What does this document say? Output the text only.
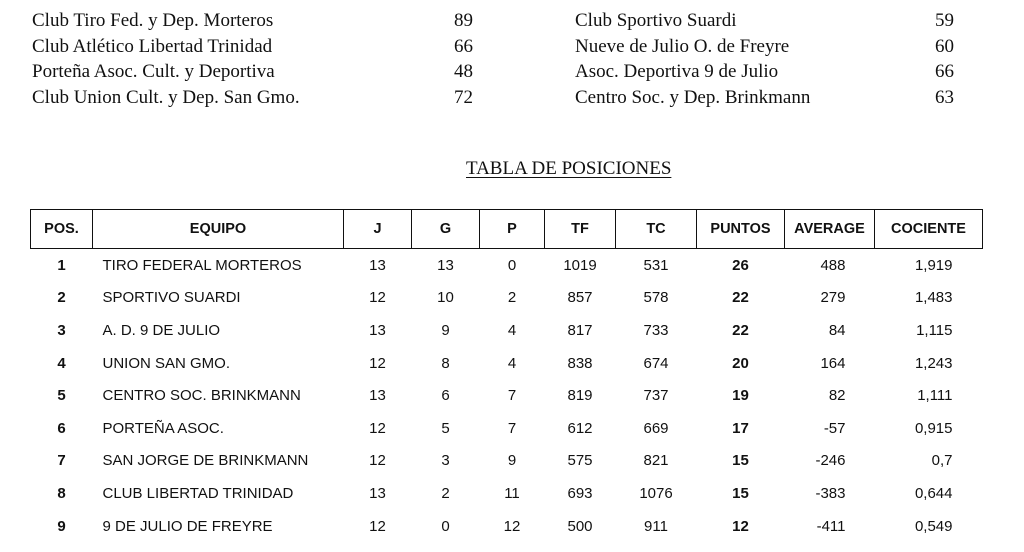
Club Tiro Fed. y Dep. Morteros	89
Club Atlético Libertad Trinidad	66
Porteña Asoc. Cult. y Deportiva	48
Club Union Cult. y Dep. San Gmo.	72
Club Sportivo Suardi	59
Nueve de Julio O. de Freyre	60
Asoc. Deportiva 9 de Julio	66
Centro Soc. y Dep. Brinkmann	63
TABLA DE POSICIONES
POS.	EQUIPO	J	G	P	TF	TC	PUNTOS	AVERAGE	COCIENTE
1	TIRO FEDERAL MORTEROS	13	13	0	1019	531	26	488	1,919
2	SPORTIVO SUARDI	12	10	2	857	578	22	279	1,483
3	A. D. 9 DE JULIO	13	9	4	817	733	22	84	1,115
4	UNION SAN GMO.	12	8	4	838	674	20	164	1,243
5	CENTRO SOC. BRINKMANN	13	6	7	819	737	19	82	1,111
6	PORTEÑA ASOC.	12	5	7	612	669	17	-57	0,915
7	SAN JORGE DE BRINKMANN	12	3	9	575	821	15	-246	0,7
8	CLUB LIBERTAD TRINIDAD	13	2	11	693	1076	15	-383	0,644
9	9 DE JULIO DE FREYRE	12	0	12	500	911	12	-411	0,549
